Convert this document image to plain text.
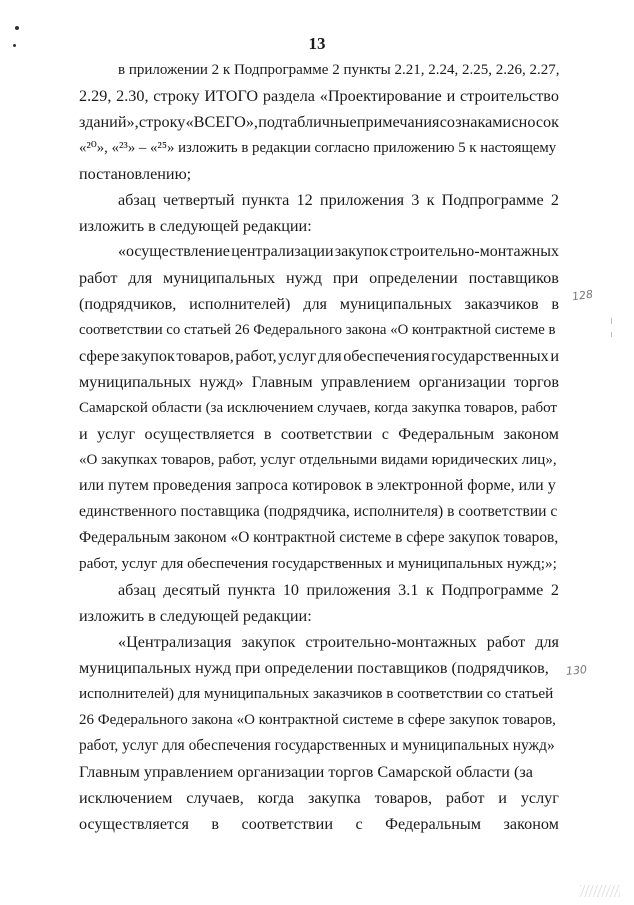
13
в приложении 2 к Подпрограмме 2 пункты 2.21, 2.24, 2.25, 2.26, 2.27,
2.29, 2.30, строку ИТОГО раздела «Проектирование и строительство
зданий», строку «ВСЕГО», подтабличные примечания со знаками сносок
«²⁰», «²³» – «²⁵» изложить в редакции согласно приложению 5 к настоящему
постановлению;
абзац четвертый пункта 12 приложения 3 к Подпрограмме 2
изложить в следующей редакции:
«осуществление централизации закупок строительно-монтажных
работ для муниципальных нужд при определении поставщиков
(подрядчиков, исполнителей) для муниципальных заказчиков в
соответствии со статьей 26 Федерального закона «О контрактной системе в
сфере закупок товаров, работ, услуг для обеспечения государственных и
муниципальных нужд» Главным управлением организации торгов
Самарской области (за исключением случаев, когда закупка товаров, работ
и услуг осуществляется в соответствии с Федеральным законом
«О закупках товаров, работ, услуг отдельными видами юридических лиц»,
или путем проведения запроса котировок в электронной форме, или у
единственного поставщика (подрядчика, исполнителя) в соответствии с
Федеральным законом «О контрактной системе в сфере закупок товаров,
работ, услуг для обеспечения государственных и муниципальных нужд;»;
абзац десятый пункта 10 приложения 3.1 к Подпрограмме 2
изложить в следующей редакции:
«Централизация закупок строительно-монтажных работ для
муниципальных нужд при определении поставщиков (подрядчиков,
исполнителей) для муниципальных заказчиков в соответствии со статьей
26 Федерального закона «О контрактной системе в сфере закупок товаров,
работ, услуг для обеспечения государственных и муниципальных нужд»
Главным управлением организации торгов Самарской области (за
исключением случаев, когда закупка товаров, работ и услуг
осуществляется в соответствии с Федеральным законом
128
130
